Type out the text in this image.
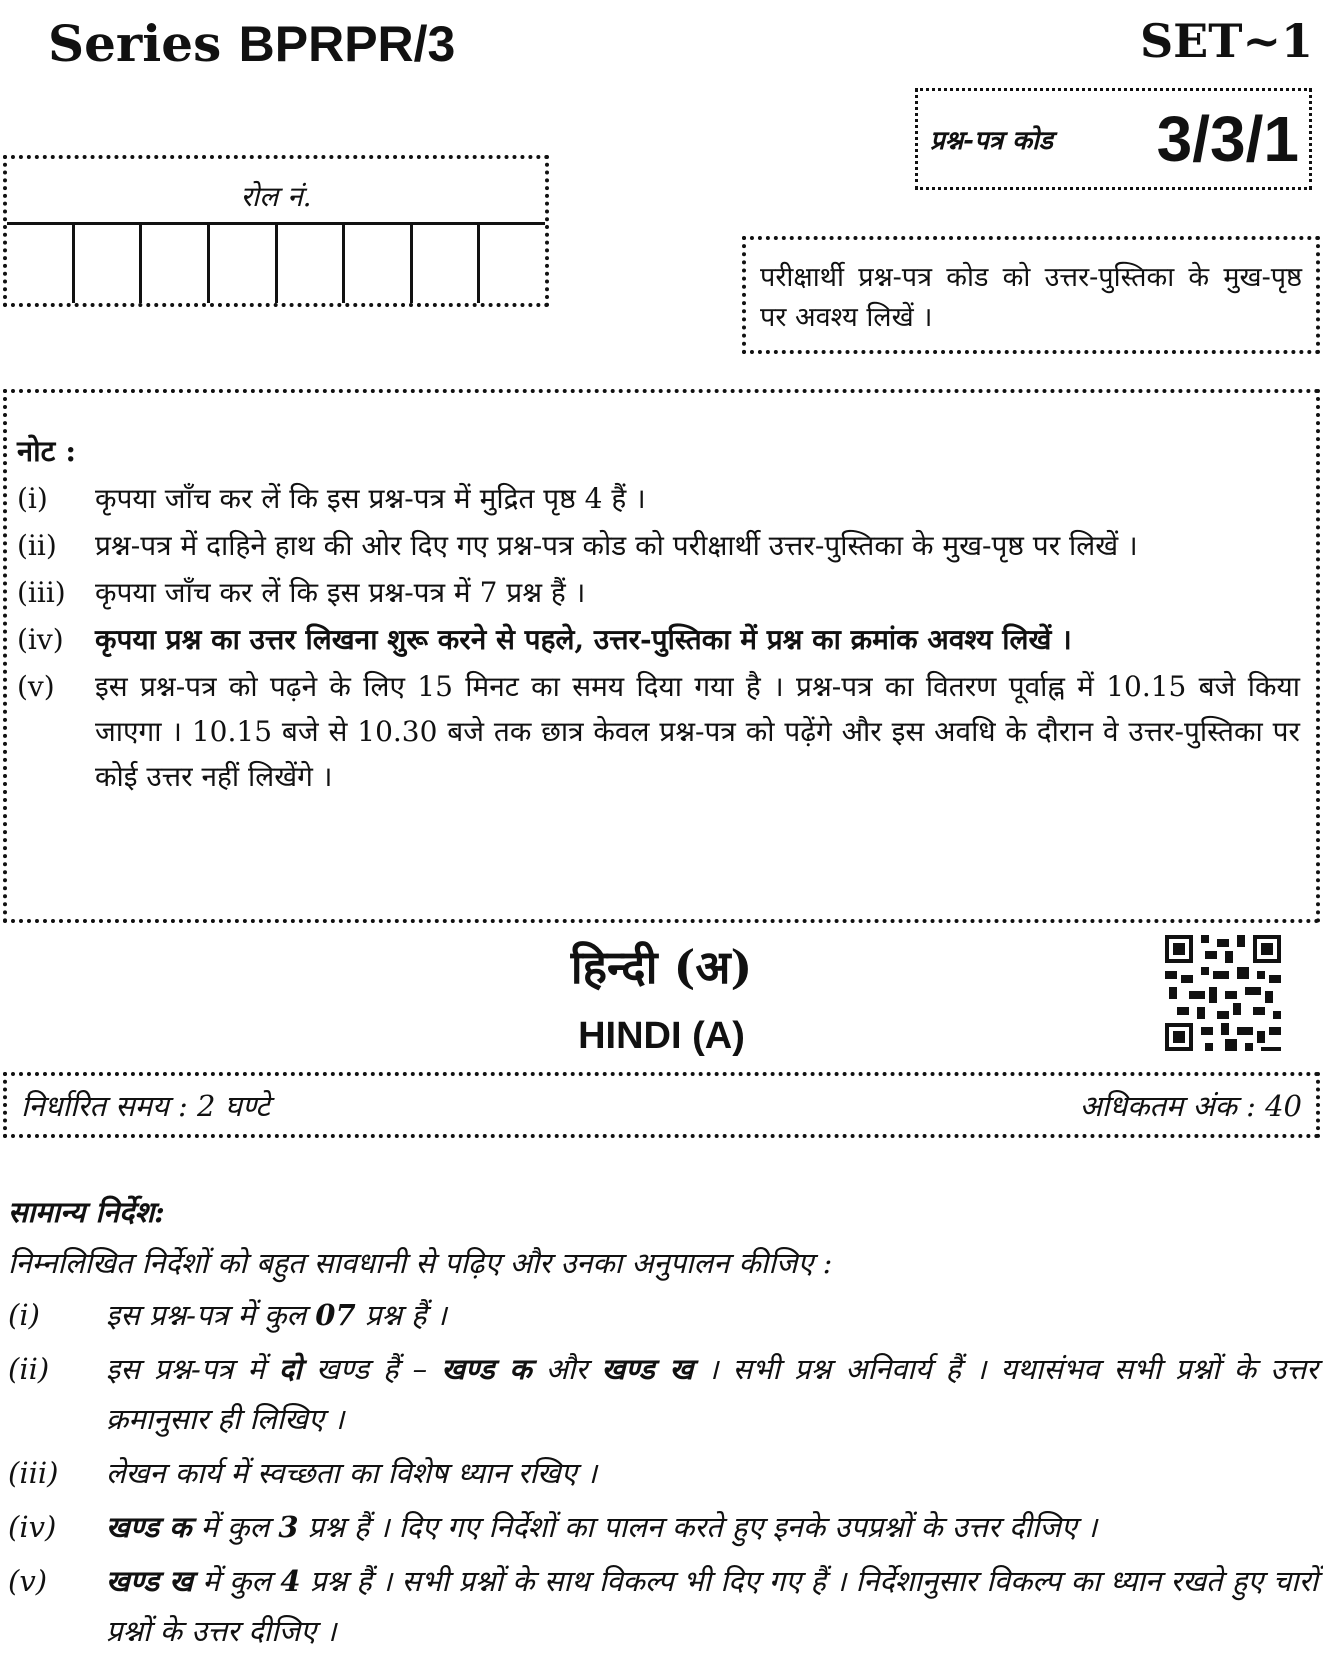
Series BPRPR/3	SET~1
प्रश्न-पत्र कोड 3/3/1
रोल नं.
परीक्षार्थी प्रश्न-पत्र कोड को उत्तर-पुस्तिका के मुख-पृष्ठ पर अवश्य लिखें ।
नोट :
(i)	कृपया जाँच कर लें कि इस प्रश्न-पत्र में मुद्रित पृष्ठ 4 हैं ।
(ii)	प्रश्न-पत्र में दाहिने हाथ की ओर दिए गए प्रश्न-पत्र कोड को परीक्षार्थी उत्तर-पुस्तिका के मुख-पृष्ठ पर लिखें ।
(iii)	कृपया जाँच कर लें कि इस प्रश्न-पत्र में 7 प्रश्न हैं ।
(iv)	कृपया प्रश्न का उत्तर लिखना शुरू करने से पहले, उत्तर-पुस्तिका में प्रश्न का क्रमांक अवश्य लिखें ।
(v)	इस प्रश्न-पत्र को पढ़ने के लिए 15 मिनट का समय दिया गया है । प्रश्न-पत्र का वितरण पूर्वाह्न में 10.15 बजे किया जाएगा । 10.15 बजे से 10.30 बजे तक छात्र केवल प्रश्न-पत्र को पढ़ेंगे और इस अवधि के दौरान वे उत्तर-पुस्तिका पर कोई उत्तर नहीं लिखेंगे ।
हिन्दी (अ)
HINDI (A)
निर्धारित समय : 2 घण्टे	अधिकतम अंक : 40
सामान्य निर्देश:
निम्नलिखित निर्देशों को बहुत सावधानी से पढ़िए और उनका अनुपालन कीजिए :
(i)	इस प्रश्न-पत्र में कुल 07 प्रश्न हैं ।
(ii)	इस प्रश्न-पत्र में दो खण्ड हैं – खण्ड क और खण्ड ख । सभी प्रश्न अनिवार्य हैं । यथासंभव सभी प्रश्नों के उत्तर क्रमानुसार ही लिखिए ।
(iii)	लेखन कार्य में स्वच्छता का विशेष ध्यान रखिए ।
(iv)	खण्ड क में कुल 3 प्रश्न हैं । दिए गए निर्देशों का पालन करते हुए इनके उपप्रश्नों के उत्तर दीजिए ।
(v)	खण्ड ख में कुल 4 प्रश्न हैं । सभी प्रश्नों के साथ विकल्प भी दिए गए हैं । निर्देशानुसार विकल्प का ध्यान रखते हुए चारों प्रश्नों के उत्तर दीजिए ।
